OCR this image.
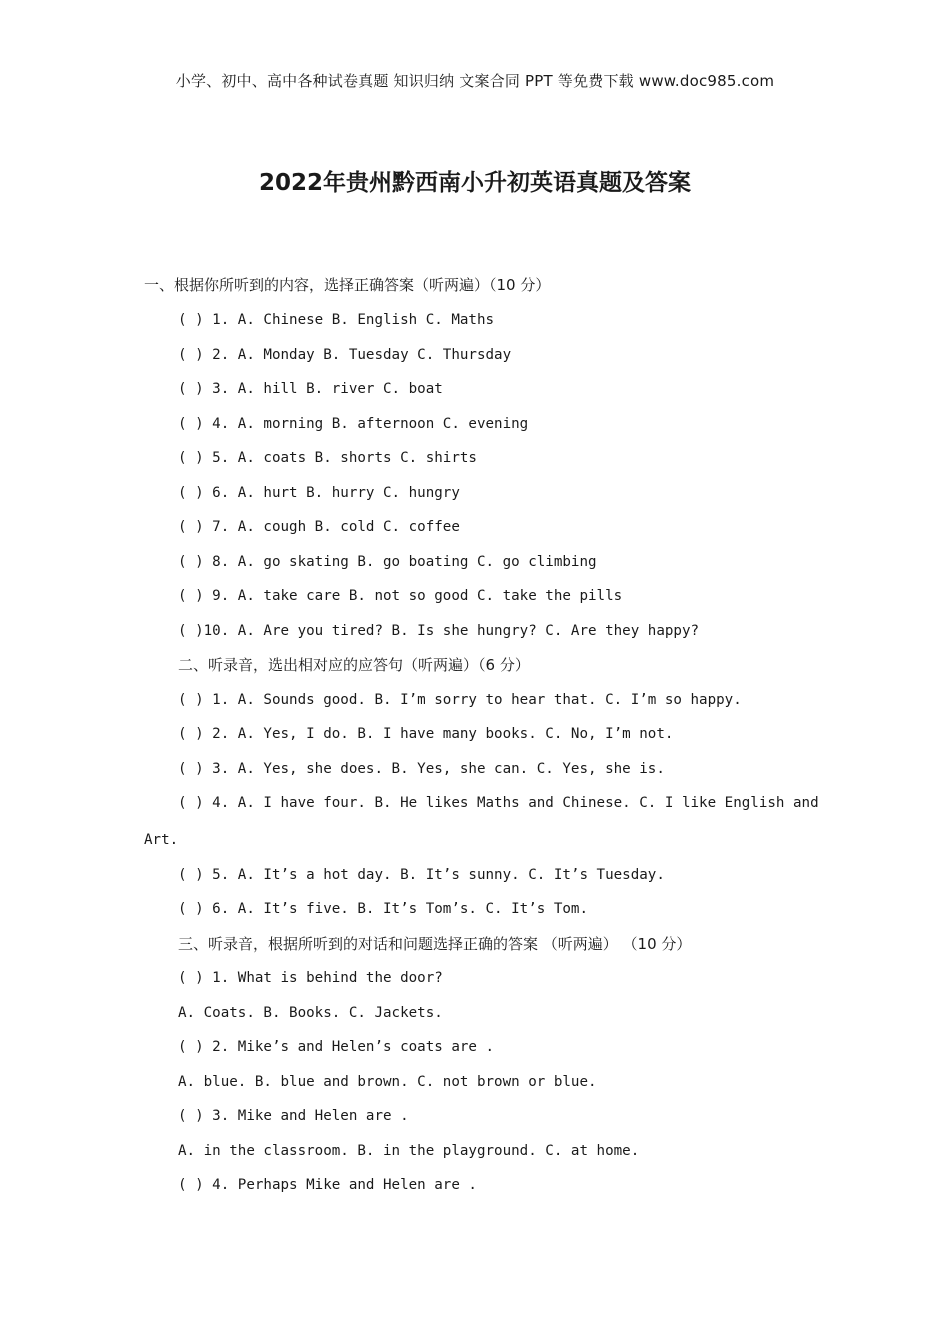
小学、初中、高中各种试卷真题 知识归纳 文案合同 PPT 等免费下载 www.doc985.com
2022年贵州黔西南小升初英语真题及答案
一、根据你所听到的内容，选择正确答案（听两遍）（10 分）
( ) 1. A. Chinese B. English C. Maths
( ) 2. A. Monday B. Tuesday C. Thursday
( ) 3. A. hill B. river C. boat
( ) 4. A. morning B. afternoon C. evening
( ) 5. A. coats B. shorts C. shirts
( ) 6. A. hurt B. hurry C. hungry
( ) 7. A. cough B. cold C. coffee
( ) 8. A. go skating B. go boating C. go climbing
( ) 9. A. take care B. not so good C. take the pills
( )10. A. Are you tired? B. Is she hungry? C. Are they happy?
二、听录音，选出相对应的应答句（听两遍）（6 分）
( ) 1. A. Sounds good. B. I’m sorry to hear that. C. I’m so happy.
( ) 2. A. Yes, I do. B. I have many books. C. No, I’m not.
( ) 3. A. Yes, she does. B. Yes, she can. C. Yes, she is.
( ) 4. A. I have four. B. He likes Maths and Chinese. C. I like English and
Art.
( ) 5. A. It’s a hot day. B. It’s sunny. C. It’s Tuesday.
( ) 6. A. It’s five. B. It’s Tom’s. C. It’s Tom.
三、听录音，根据所听到的对话和问题选择正确的答案 （听两遍） （10 分）
( ) 1. What is behind the door?
A. Coats. B. Books. C. Jackets.
( ) 2. Mike’s and Helen’s coats are .
A. blue. B. blue and brown. C. not brown or blue.
( ) 3. Mike and Helen are .
A. in the classroom. B. in the playground. C. at home.
( ) 4. Perhaps Mike and Helen are .
